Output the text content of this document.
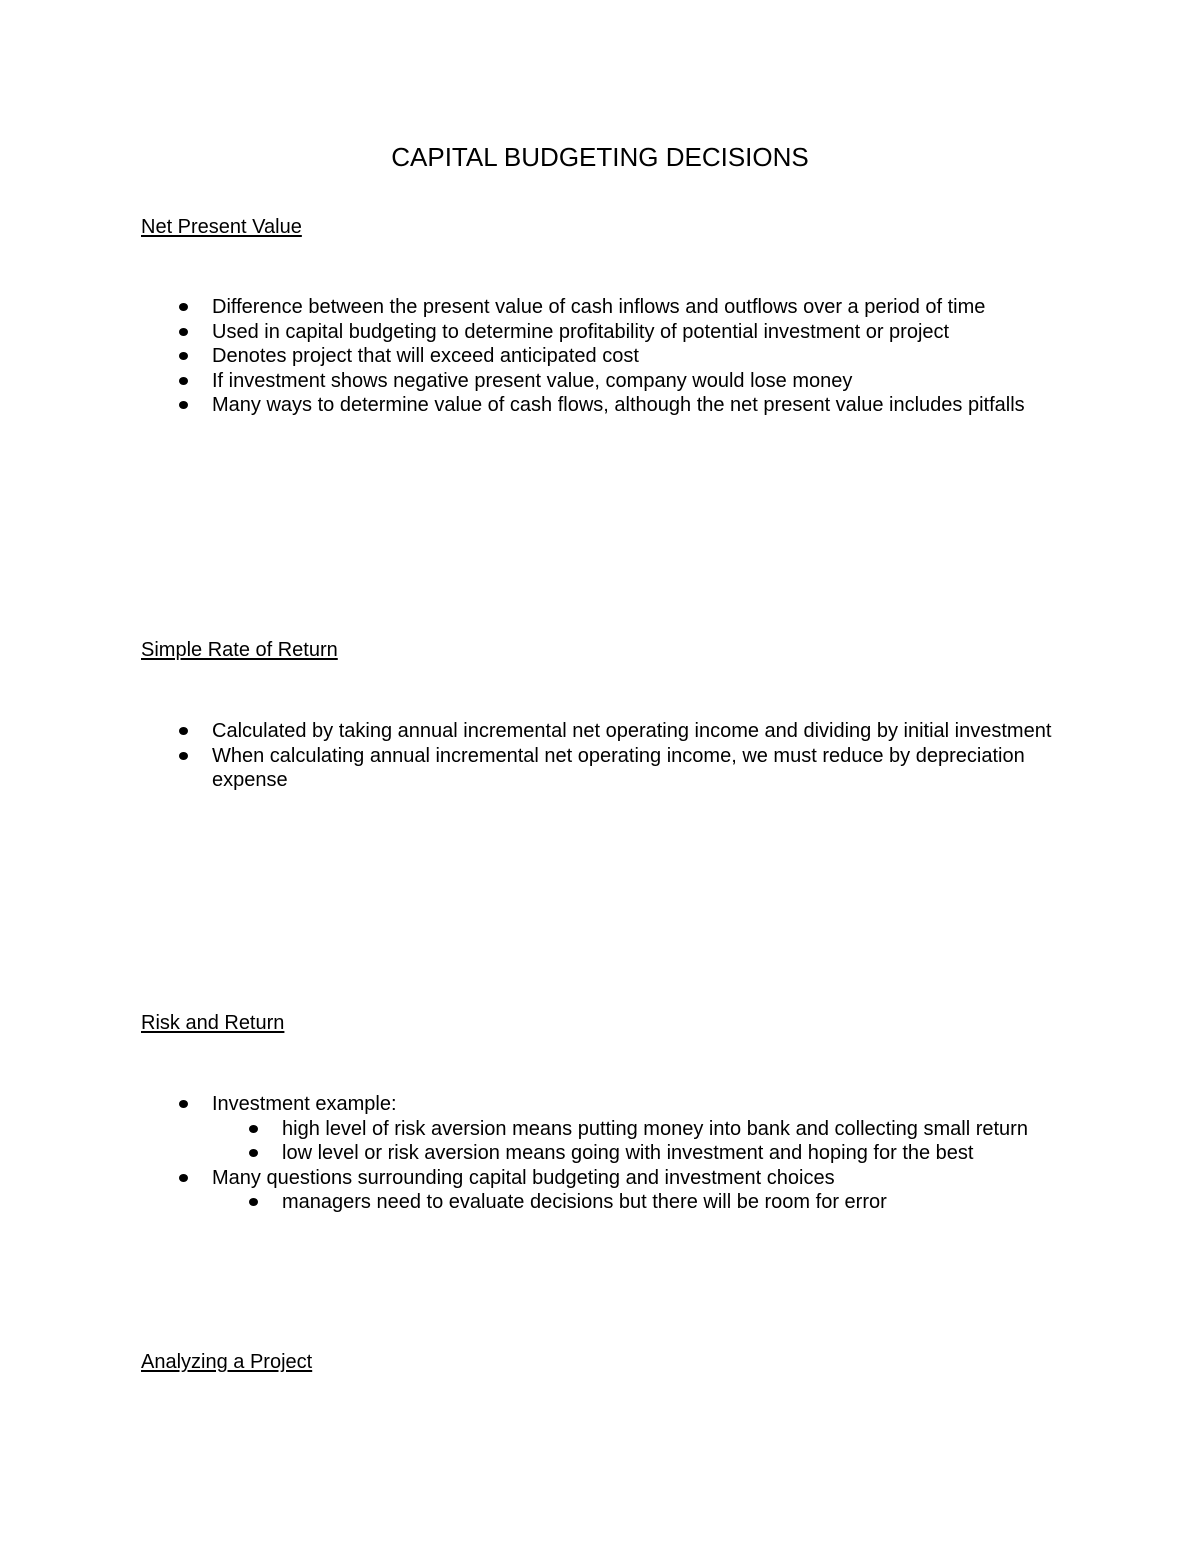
CAPITAL BUDGETING DECISIONS
Net Present Value
Difference between the present value of cash inflows and outflows over a period of time
Used in capital budgeting to determine profitability of potential investment or project
Denotes project that will exceed anticipated cost
If investment shows negative present value, company would lose money
Many ways to determine value of cash flows, although the net present value includes pitfalls
Simple Rate of Return
Calculated by taking annual incremental net operating income and dividing by initial investment
When calculating annual incremental net operating income, we must reduce by depreciation expense
Risk and Return
Investment example:
high level of risk aversion means putting money into bank and collecting small return
low level or risk aversion means going with investment and hoping for the best
Many questions surrounding capital budgeting and investment choices
managers need to evaluate decisions but there will be room for error
Analyzing a Project
